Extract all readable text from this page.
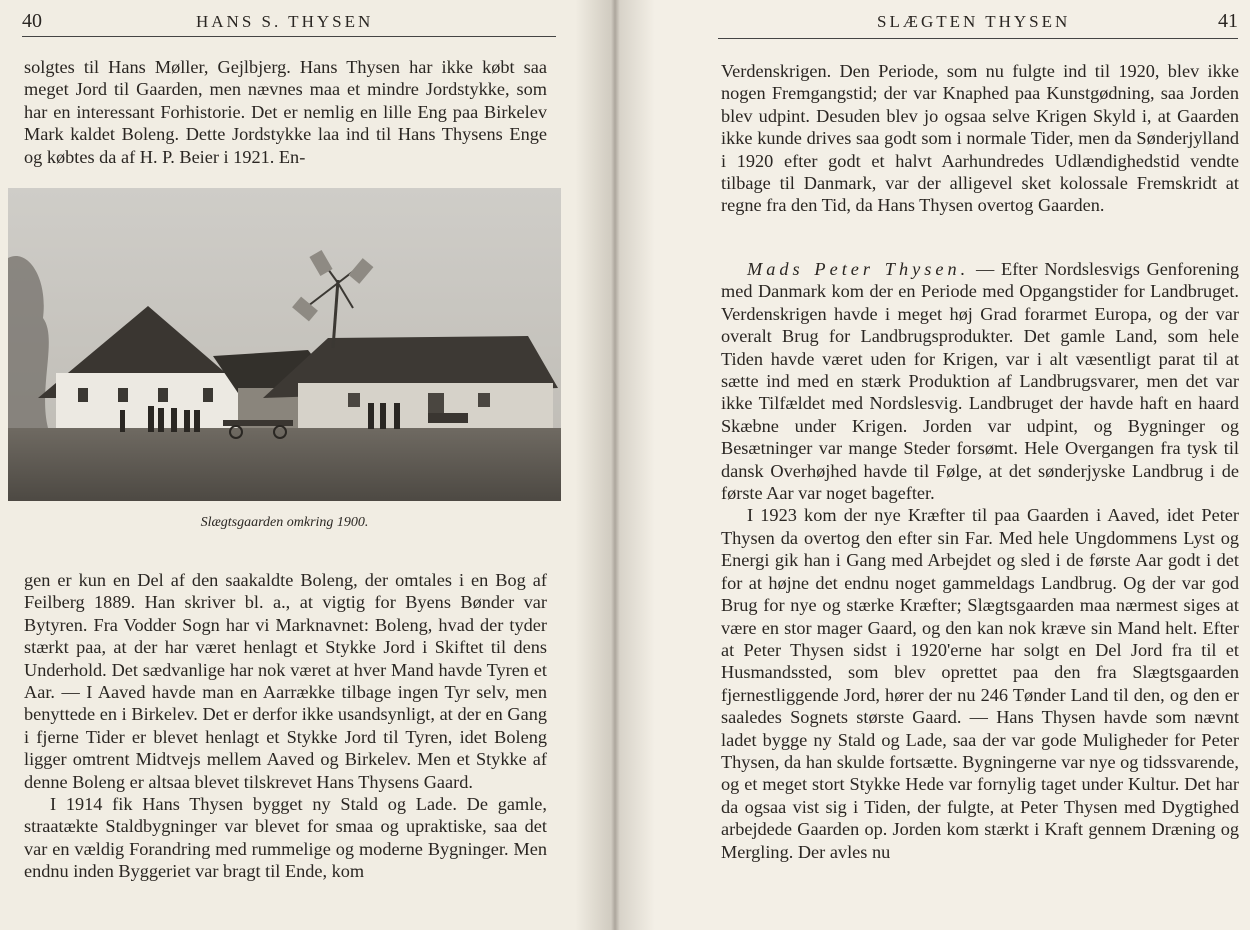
40	HANS S. THYSEN

solgtes til Hans Møller, Gejlbjerg. Hans Thysen har ikke købt saa meget Jord til Gaarden, men nævnes maa et mindre Jordstykke, som har en interessant Forhistorie. Det er nemlig en lille Eng paa Birkelev Mark kaldet Boleng. Dette Jordstykke laa ind til Hans Thysens Enge og købtes da af H. P. Beier i 1921. En-

Slægtsgaarden omkring 1900.

gen er kun en Del af den saakaldte Boleng, der omtales i en Bog af Feilberg 1889. Han skriver bl. a., at vigtig for Byens Bønder var Bytyren. Fra Vodder Sogn har vi Marknavnet: Boleng, hvad der tyder stærkt paa, at der har været henlagt et Stykke Jord i Skiftet til dens Underhold. Det sædvanlige har nok været at hver Mand havde Tyren et Aar. — I Aaved havde man en Aarrække tilbage ingen Tyr selv, men benyttede en i Birkelev. Det er derfor ikke usandsynligt, at der en Gang i fjerne Tider er blevet henlagt et Stykke Jord til Tyren, idet Boleng ligger omtrent Midtvejs mellem Aaved og Birkelev. Men et Stykke af denne Boleng er altsaa blevet tilskrevet Hans Thysens Gaard.

I 1914 fik Hans Thysen bygget ny Stald og Lade. De gamle, straatækte Staldbygninger var blevet for smaa og upraktiske, saa det var en vældig Forandring med rummelige og moderne Bygninger. Men endnu inden Byggeriet var bragt til Ende, kom

SLÆGTEN THYSEN	41

Verdenskrigen. Den Periode, som nu fulgte ind til 1920, blev ikke nogen Fremgangstid; der var Knaphed paa Kunstgødning, saa Jorden blev udpint. Desuden blev jo ogsaa selve Krigen Skyld i, at Gaarden ikke kunde drives saa godt som i normale Tider, men da Sønderjylland i 1920 efter godt et halvt Aarhundredes Udlændighedstid vendte tilbage til Danmark, var der alligevel sket kolossale Fremskridt at regne fra den Tid, da Hans Thysen overtog Gaarden.

Mads Peter Thysen. — Efter Nordslesvigs Genforening med Danmark kom der en Periode med Opgangstider for Landbruget. Verdenskrigen havde i meget høj Grad forarmet Europa, og der var overalt Brug for Landbrugsprodukter. Det gamle Land, som hele Tiden havde været uden for Krigen, var i alt væsentligt parat til at sætte ind med en stærk Produktion af Landbrugsvarer, men det var ikke Tilfældet med Nordslesvig. Landbruget der havde haft en haard Skæbne under Krigen. Jorden var udpint, og Bygninger og Besætninger var mange Steder forsømt. Hele Overgangen fra tysk til dansk Overhøjhed havde til Følge, at det sønderjyske Landbrug i de første Aar var noget bagefter.

I 1923 kom der nye Kræfter til paa Gaarden i Aaved, idet Peter Thysen da overtog den efter sin Far. Med hele Ungdommens Lyst og Energi gik han i Gang med Arbejdet og sled i de første Aar godt i det for at højne det endnu noget gammeldags Landbrug. Og der var god Brug for nye og stærke Kræfter; Slægtsgaarden maa nærmest siges at være en stor mager Gaard, og den kan nok kræve sin Mand helt. Efter at Peter Thysen sidst i 1920'erne har solgt en Del Jord fra til et Husmandssted, som blev oprettet paa den fra Slægtsgaarden fjernestliggende Jord, hører der nu 246 Tønder Land til den, og den er saaledes Sognets største Gaard. — Hans Thysen havde som nævnt ladet bygge ny Stald og Lade, saa der var gode Muligheder for Peter Thysen, da han skulde fortsætte. Bygningerne var nye og tidssvarende, og et meget stort Stykke Hede var fornylig taget under Kultur. Det har da ogsaa vist sig i Tiden, der fulgte, at Peter Thysen med Dygtighed arbejdede Gaarden op. Jorden kom stærkt i Kraft gennem Dræning og Mergling. Der avles nu
